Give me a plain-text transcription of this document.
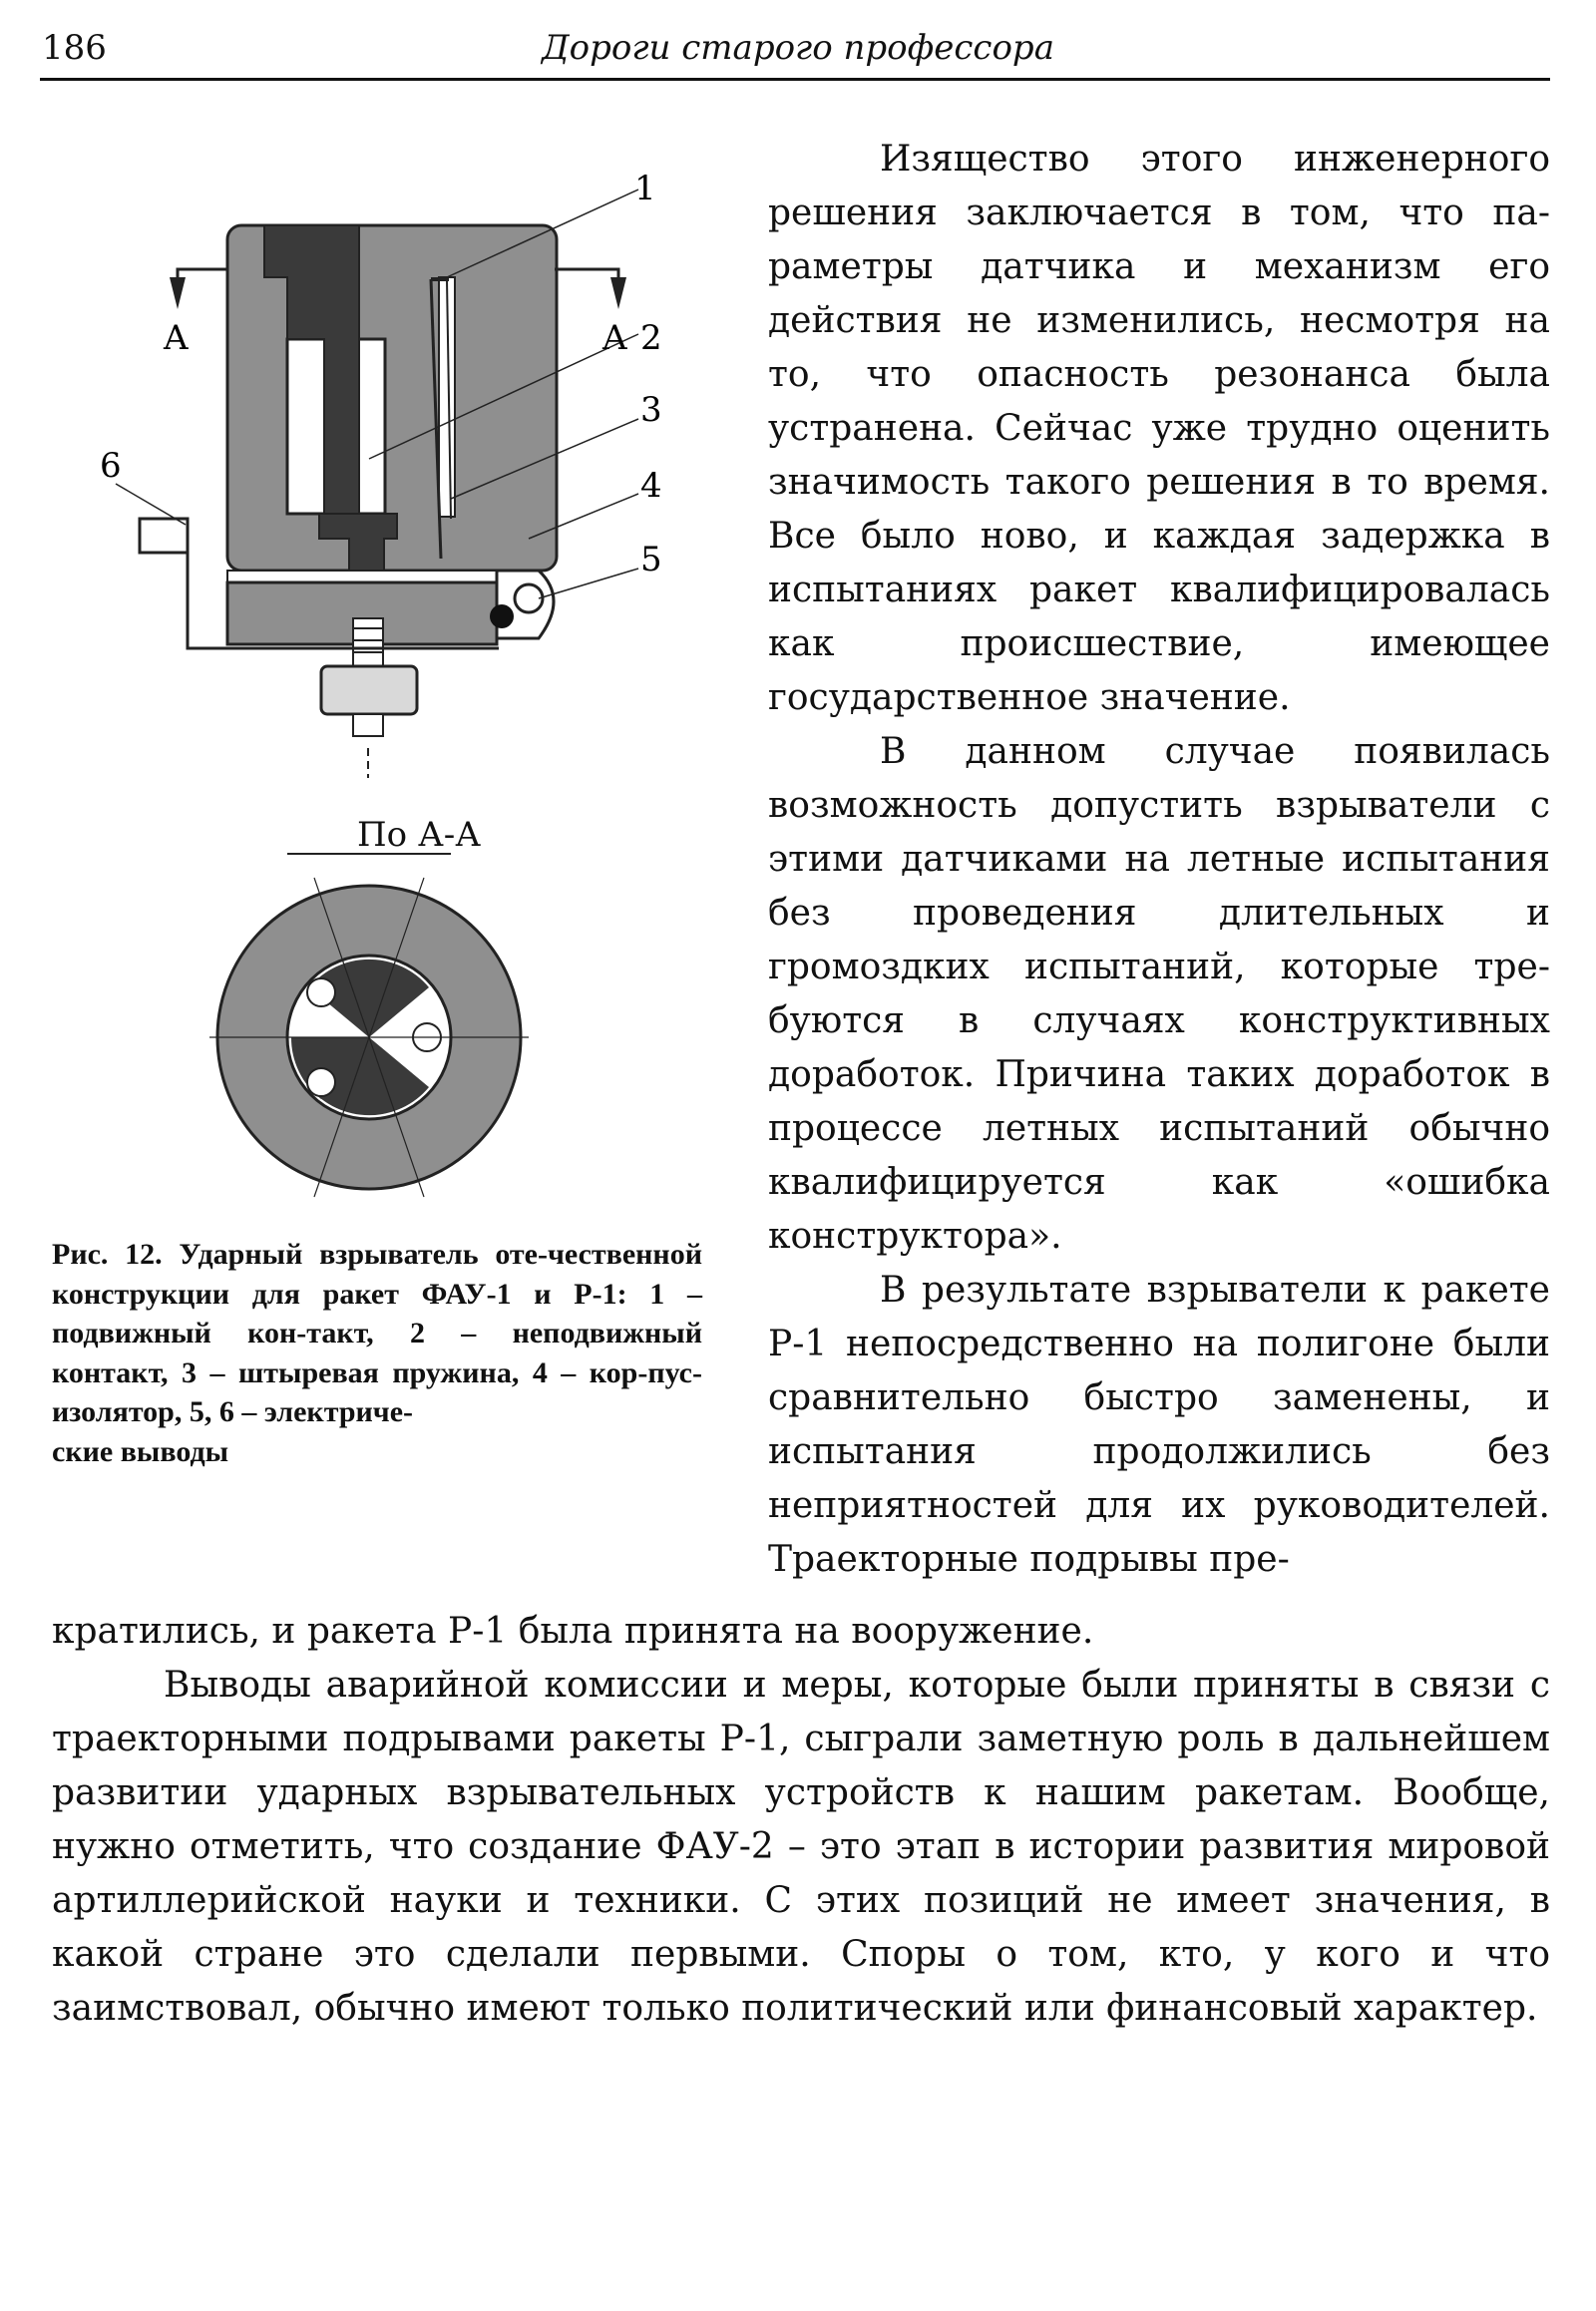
186	Дороги старого профессора
1
2
3
4
5
6
A	A
По А-А
Рис. 12. Ударный взрыватель оте-чественной конструкции для ракет ФАУ-1 и Р-1: 1 – подвижный кон-такт, 2 – неподвижный контакт, 3 – штыревая пружина, 4 – кор-пус-изолятор, 5, 6 – электриче-
ские выводы

Изящество этого инженерного решения заключается в том, что параметры датчика и механизм его действия не изменились, несмотря на то, что опасность резонанса была устранена. Сейчас уже трудно оценить значимость такого решения в то время. Все было ново, и каждая задержка в испытаниях ракет квалифицировалась как происшествие, имеющее государственное значение.

В данном случае появилась возможность допустить взрыватели с этими датчиками на летные испытания без проведения длительных и громоздких испытаний, которые требуются в случаях конструктивных доработок. Причина таких доработок в процессе летных испытаний обычно квалифицируется как «ошибка конструктора».

В результате взрыватели к ракете Р-1 непосредственно на полигоне были сравнительно быстро заменены, и испытания продолжились без неприятностей для их руководителей. Траекторные подрывы пре-

кратились, и ракета Р-1 была принята на вооружение.

Выводы аварийной комиссии и меры, которые были приняты в связи с траекторными подрывами ракеты Р-1, сыграли заметную роль в дальнейшем развитии ударных взрывательных устройств к нашим ракетам. Вообще, нужно отметить, что создание ФАУ-2 – это этап в истории развития мировой артиллерийской науки и техники. С этих позиций не имеет значения, в какой стране это сделали первыми. Споры о том, кто, у кого и что заимствовал, обычно имеют только политический или финансовый характер.
